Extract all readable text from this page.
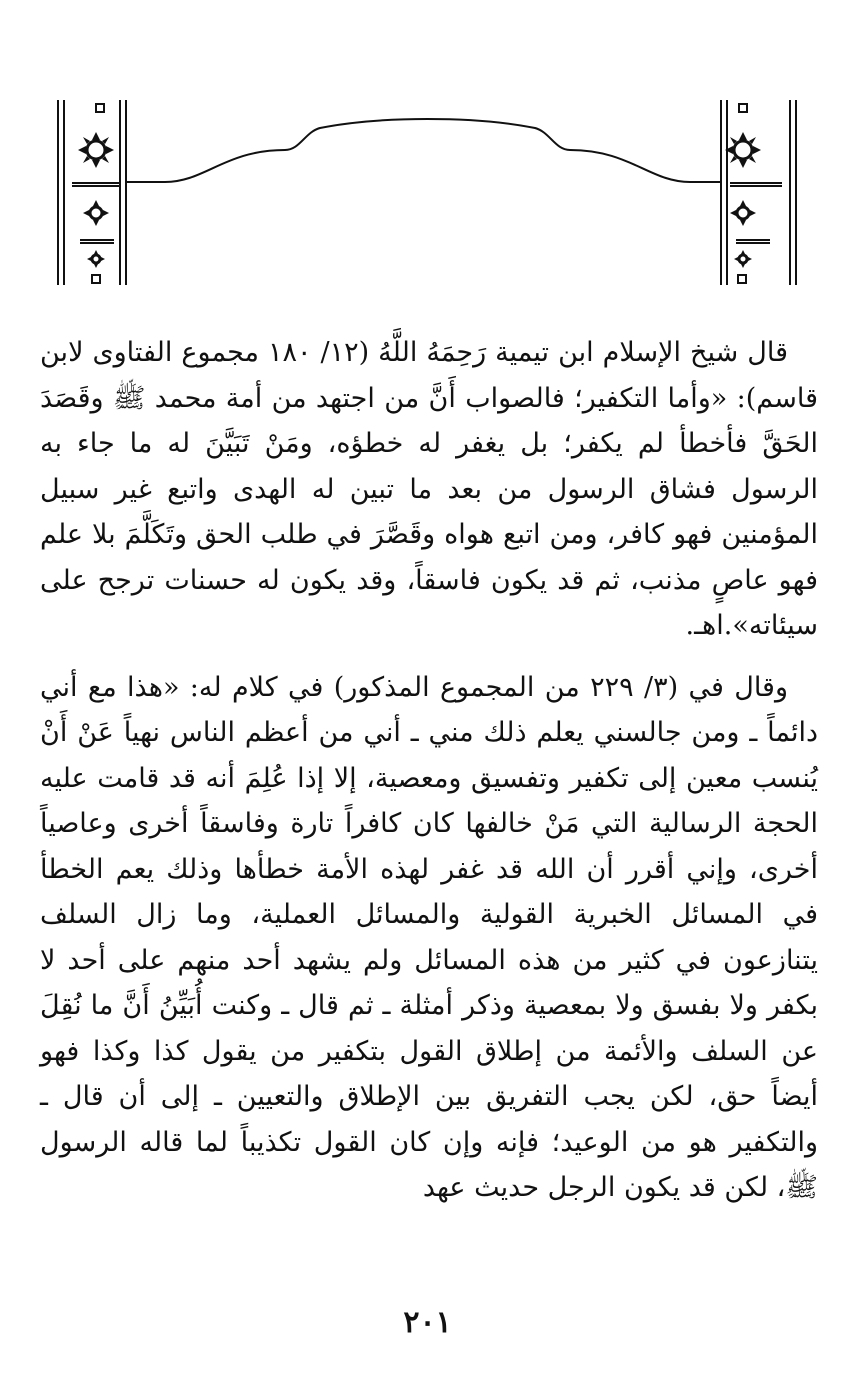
قال شيخ الإسلام ابن تيمية رَحِمَهُ اللَّهُ (١٢/ ١٨٠ مجموع الفتاوى لابن قاسم): «وأما التكفير؛ فالصواب أَنَّ من اجتهد من أمة محمد ﷺ وقَصَدَ الحَقَّ فأخطأ لم يكفر؛ بل يغفر له خطؤه، ومَنْ تَبَيَّنَ له ما جاء به الرسول فشاق الرسول من بعد ما تبين له الهدى واتبع غير سبيل المؤمنين فهو كافر، ومن اتبع هواه وقَصَّرَ في طلب الحق وتَكَلَّمَ بلا علم فهو عاصٍ مذنب، ثم قد يكون فاسقاً، وقد يكون له حسنات ترجح على سيئاته».اهـ.

وقال في (٣/ ٢٢٩ من المجموع المذكور) في كلام له: «هذا مع أني دائماً ـ ومن جالسني يعلم ذلك مني ـ أني من أعظم الناس نهياً عَنْ أَنْ يُنسب معين إلى تكفير وتفسيق ومعصية، إلا إذا عُلِمَ أنه قد قامت عليه الحجة الرسالية التي مَنْ خالفها كان كافراً تارة وفاسقاً أخرى وعاصياً أخرى، وإني أقرر أن الله قد غفر لهذه الأمة خطأها وذلك يعم الخطأ في المسائل الخبرية القولية والمسائل العملية، وما زال السلف يتنازعون في كثير من هذه المسائل ولم يشهد أحد منهم على أحد لا بكفر ولا بفسق ولا بمعصية وذكر أمثلة ـ ثم قال ـ وكنت أُبَيِّنُ أَنَّ ما نُقِلَ عن السلف والأئمة من إطلاق القول بتكفير من يقول كذا وكذا فهو أيضاً حق، لكن يجب التفريق بين الإطلاق والتعيين ـ إلى أن قال ـ والتكفير هو من الوعيد؛ فإنه وإن كان القول تكذيباً لما قاله الرسول ﷺ، لكن قد يكون الرجل حديث عهد

٢٠١
